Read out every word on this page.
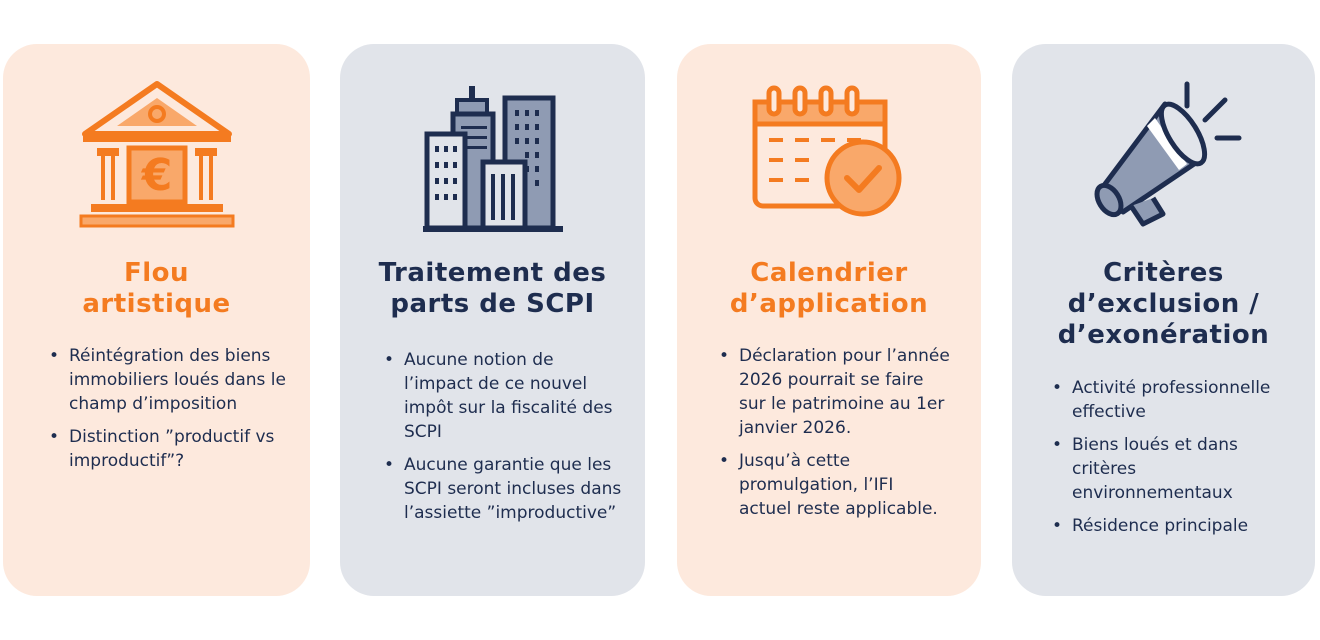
€
Flou
artistique
• Réintégration des biens immobiliers loués dans le champ d’imposition
• Distinction ”productif vs improductif”?
Traitement des
parts de SCPI
• Aucune notion de l’impact de ce nouvel impôt sur la fiscalité des SCPI
• Aucune garantie que les SCPI seront incluses dans l’assiette ”improductive”
Calendrier
d’application
• Déclaration pour l’année 2026 pourrait se faire sur le patrimoine au 1er janvier 2026.
• Jusqu’à cette promulgation, l’IFI actuel reste applicable.
Critères
d’exclusion /
d’exonération
• Activité professionnelle effective
• Biens loués et dans critères environnementaux
• Résidence principale
